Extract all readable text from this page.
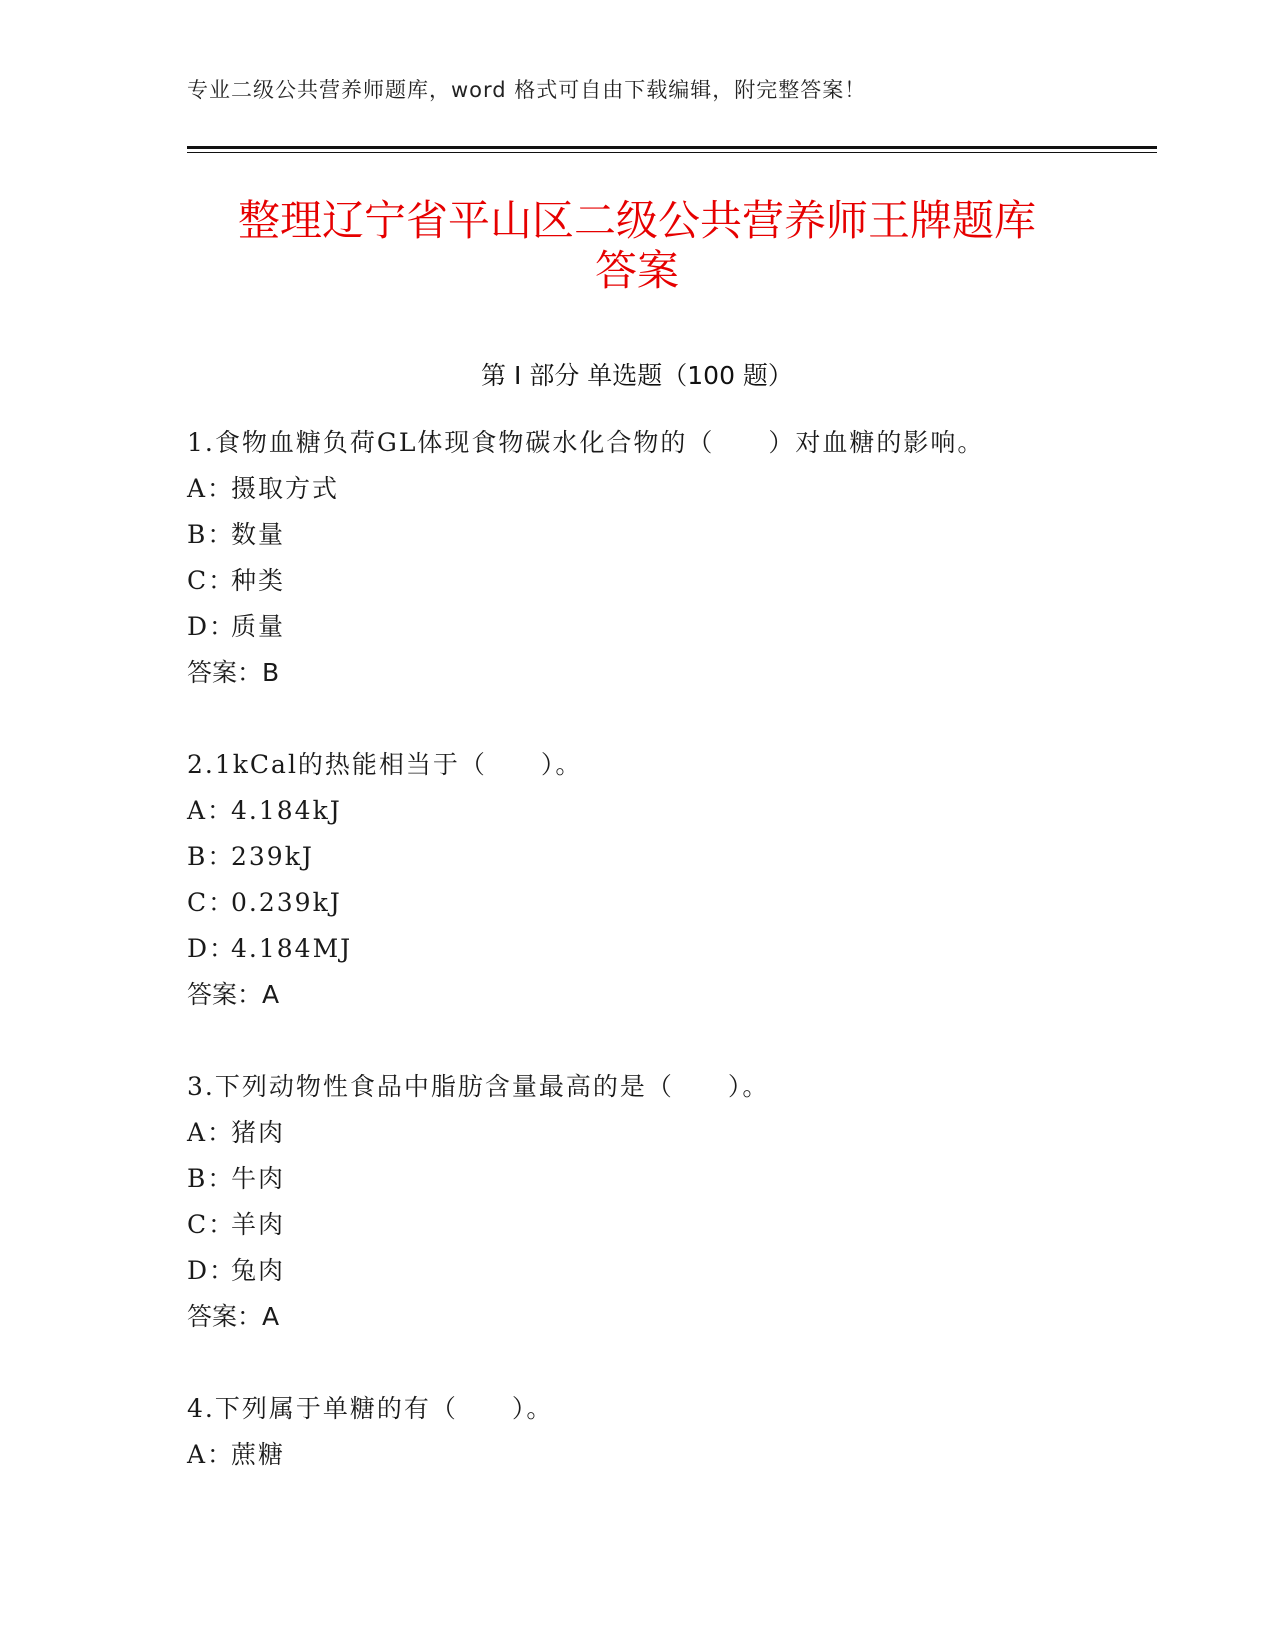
专业二级公共营养师题库，word 格式可自由下载编辑，附完整答案！
整理辽宁省平山区二级公共营养师王牌题库
答案
第 I 部分 单选题（100 题）
1.食物血糖负荷GL体现食物碳水化合物的（　　）对血糖的影响。
A：摄取方式
B：数量
C：种类
D：质量
答案：B
2.1kCal的热能相当于（　　）。
A：4.184kJ
B：239kJ
C：0.239kJ
D：4.184MJ
答案：A
3.下列动物性食品中脂肪含量最高的是（　　）。
A：猪肉
B：牛肉
C：羊肉
D：兔肉
答案：A
4.下列属于单糖的有（　　）。
A：蔗糖
